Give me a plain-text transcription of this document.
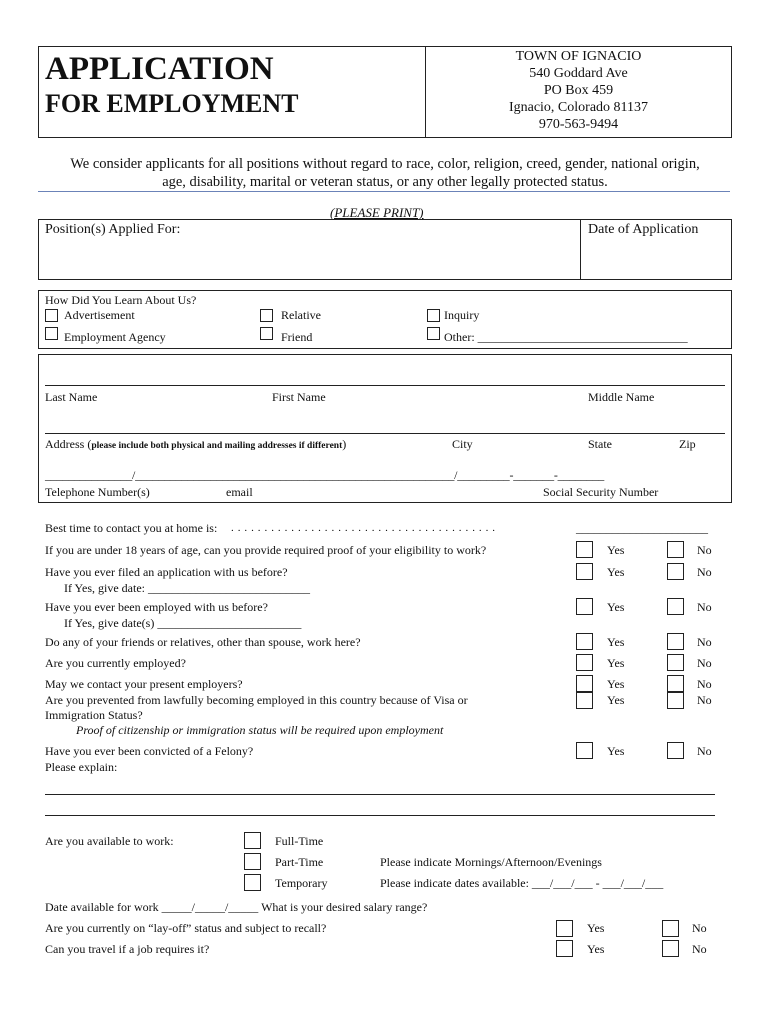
APPLICATION
FOR EMPLOYMENT
TOWN OF IGNACIO
540 Goddard Ave
PO Box 459
Ignacio, Colorado 81137
970-563-9494
We consider applicants for all positions without regard to race, color, religion, creed, gender, national origin,
age, disability, marital or veteran status, or any other legally protected status.
(PLEASE PRINT)
Position(s) Applied For:	Date of Application
How Did You Learn About Us?
Advertisement	Relative	Inquiry
Employment Agency	Friend	Other: ___________________________________
Last Name	First Name	Middle Name
Address (please include both physical and mailing addresses if different)	City	State	Zip
_______________/_______________________________________________________/_________-_______-________
Telephone Number(s)	email	Social Security Number
Best time to contact you at home is: . . . . . . . . . . . . . . . . . . . . . . . . . . . . . . . . . . . . . . . .	______________________
If you are under 18 years of age, can you provide required proof of your eligibility to work?	Yes	No
Have you ever filed an application with us before?
If Yes, give date: ___________________________
Yes	No
Have you ever been employed with us before?
If Yes, give date(s) ________________________
Yes	No
Do any of your friends or relatives, other than spouse, work here?	Yes	No
Are you currently employed?	Yes	No
May we contact your present employers?	Yes	No
Are you prevented from lawfully becoming employed in this country because of Visa or
Immigration Status?
Yes	No
Proof of citizenship or immigration status will be required upon employment
Have you ever been convicted of a Felony?
Please explain:
Yes	No
Are you available to work:	Full-Time
Part-Time	Please indicate Mornings/Afternoon/Evenings
Temporary	Please indicate dates available: ___/___/___ - ___/___/___
Date available for work _____/_____/_____ What is your desired salary range?
Are you currently on “lay-off” status and subject to recall?	Yes	No
Can you travel if a job requires it?	Yes	No
